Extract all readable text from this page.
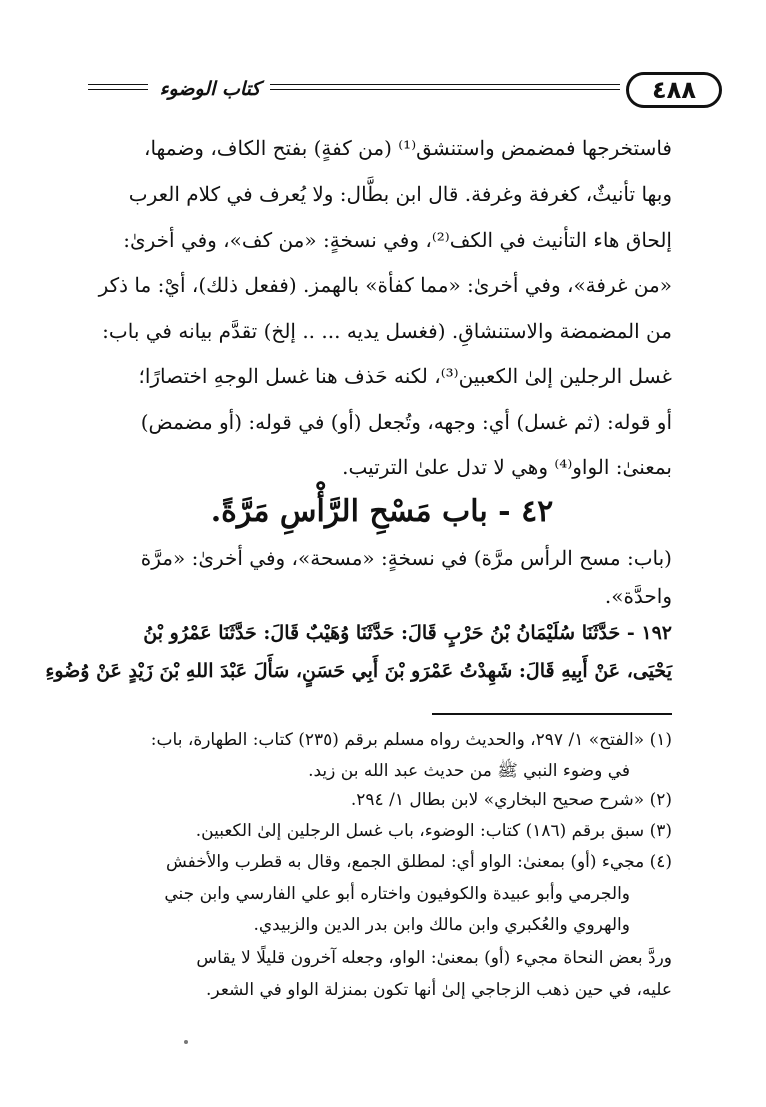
كتاب الوضوء	٤٨٨
فاستخرجها فمضمض واستنشق⁽¹⁾ (من كفةٍ) بفتح الكاف، وضمها،
وبها تأنيثٌ، كغرفة وغرفة. قال ابن بطَّال: ولا يُعرف في كلام العرب
إلحاق هاء التأنيث في الكف⁽²⁾، وفي نسخةٍ: «من كف»، وفي أخرىٰ:
«من غرفة»، وفي أخرىٰ: «مما كفأة» بالهمز. (ففعل ذلك)، أيْ: ما ذكر
من المضمضة والاستنشاقِ. (فغسل يديه ... .. إلخ) تقدَّم بيانه في باب:
غسل الرجلين إلىٰ الكعبين⁽³⁾، لكنه حَذف هنا غسل الوجهِ اختصارًا؛
أو قوله: (ثم غسل) أي: وجهه، وتُجعل (أو) في قوله: (أو مضمض)
بمعنىٰ: الواو⁽⁴⁾ وهي لا تدل علىٰ الترتيب.
٤٢ - باب مَسْحِ الرَّأْسِ مَرَّةً.
(باب: مسح الرأس مرَّة) في نسخةٍ: «مسحة»، وفي أخرىٰ: «مرَّة
واحدَّة».
١٩٢ - حَدَّثَنَا سُلَيْمَانُ بْنُ حَرْبٍ قَالَ: حَدَّثَنَا وُهَيْبٌ قَالَ: حَدَّثَنَا عَمْرُو بْنُ
يَحْيَى، عَنْ أَبِيهِ قَالَ: شَهِدْتُ عَمْرَو بْنَ أَبِي حَسَنٍ، سَأَلَ عَبْدَ اللهِ بْنَ زَيْدٍ عَنْ وُضُوءِ
(١) «الفتح» ١/ ٢٩٧، والحديث رواه مسلم برقم (٢٣٥) كتاب: الطهارة، باب:
في وضوء النبي ﷺ من حديث عبد الله بن زيد.
(٢) «شرح صحيح البخاري» لابن بطال ١/ ٢٩٤.
(٣) سبق برقم (١٨٦) كتاب: الوضوء، باب غسل الرجلين إلىٰ الكعبين.
(٤) مجيء (أو) بمعنىٰ: الواو أي: لمطلق الجمع، وقال به قطرب والأخفش
والجرمي وأبو عبيدة والكوفيون واختاره أبو علي الفارسي وابن جني
والهروي والعُكبري وابن مالك وابن بدر الدين والزبيدي.
وردَّ بعض النحاة مجيء (أو) بمعنىٰ: الواو، وجعله آخرون قليلًا لا يقاس
عليه، في حين ذهب الزجاجي إلىٰ أنها تكون بمنزلة الواو في الشعر.
